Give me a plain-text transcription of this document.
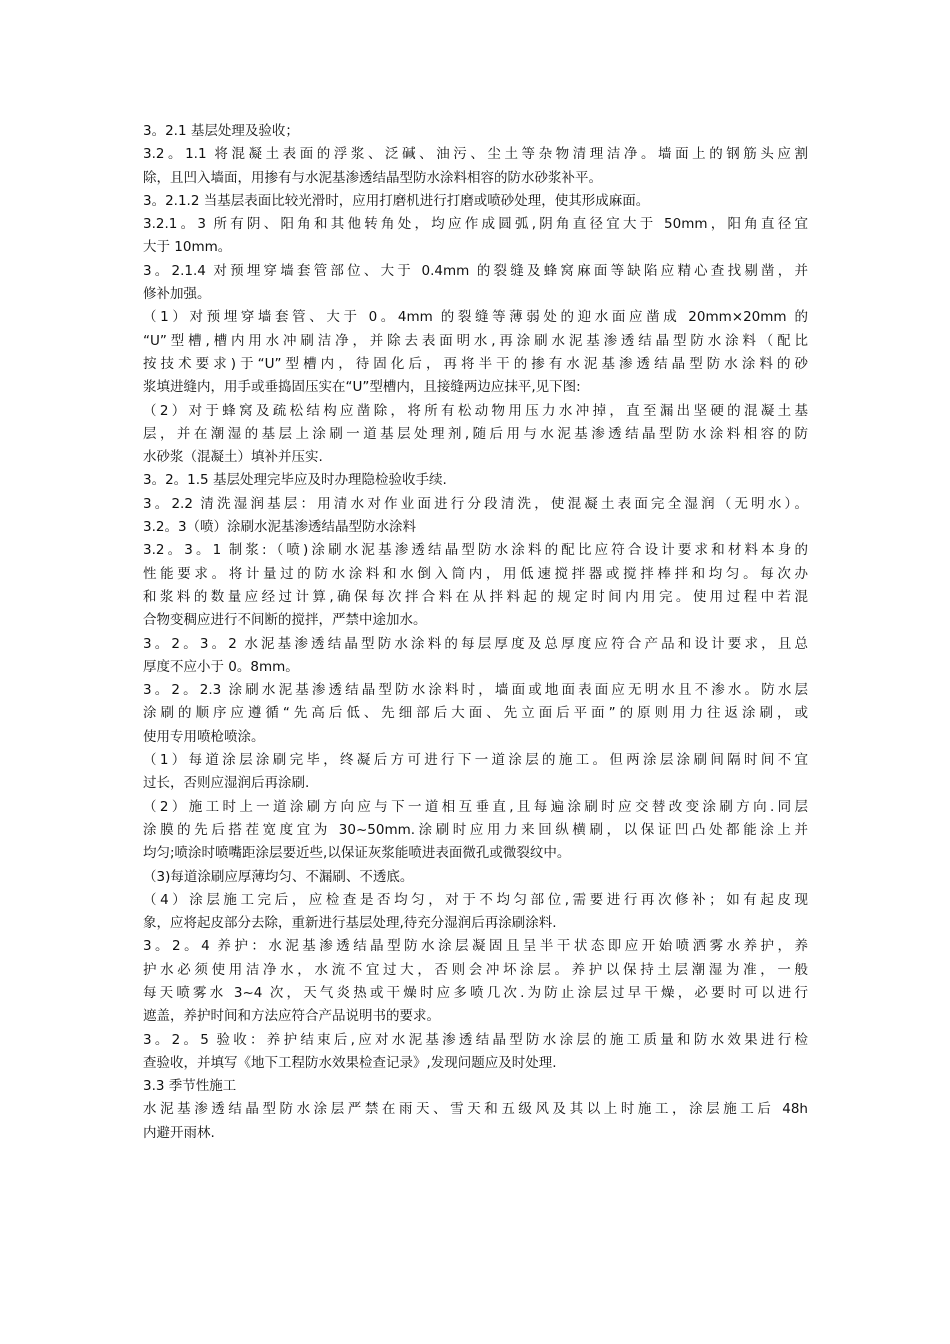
3。2.1 基层处理及验收；
3.2。1.1 将混凝土表面的浮浆、泛碱、油污、尘土等杂物清理洁净。墙面上的钢筋头应割
除，且凹入墙面，用掺有与水泥基渗透结晶型防水涂料相容的防水砂浆补平。
3。2.1.2 当基层表面比较光滑时，应用打磨机进行打磨或喷砂处理，使其形成麻面。
3.2.1。3 所有阴、阳角和其他转角处，均应作成圆弧,阴角直径宜大于 50mm，阳角直径宜
大于 10mm。
3。2.1.4 对预埋穿墙套管部位、大于 0.4mm 的裂缝及蜂窝麻面等缺陷应精心查找剔凿，并
修补加强。
（1）对预埋穿墙套管、大于 0。4mm 的裂缝等薄弱处的迎水面应凿成 20mm×20mm 的
“U”型槽,槽内用水冲刷洁净，并除去表面明水,再涂刷水泥基渗透结晶型防水涂料（配比
按技术要求)于“U”型槽内，待固化后，再将半干的掺有水泥基渗透结晶型防水涂料的砂
浆填进缝内，用手或垂捣固压实在“U”型槽内，且接缝两边应抹平,见下图:
（2）对于蜂窝及疏松结构应凿除，将所有松动物用压力水冲掉，直至漏出坚硬的混凝土基
层，并在潮湿的基层上涂刷一道基层处理剂,随后用与水泥基渗透结晶型防水涂料相容的防
水砂浆（混凝土）填补并压实.
3。2。1.5 基层处理完毕应及时办理隐检验收手续.
3。2.2 清洗湿润基层：用清水对作业面进行分段清洗，使混凝土表面完全湿润（无明水）。
3.2。3（喷）涂刷水泥基渗透结晶型防水涂料
3.2。3。1 制浆:（喷)涂刷水泥基渗透结晶型防水涂料的配比应符合设计要求和材料本身的
性能要求。将计量过的防水涂料和水倒入筒内，用低速搅拌器或搅拌棒拌和均匀。每次办
和浆料的数量应经过计算,确保每次拌合料在从拌料起的规定时间内用完。使用过程中若混
合物变稠应进行不间断的搅拌，严禁中途加水。
3。2。3。2 水泥基渗透结晶型防水涂料的每层厚度及总厚度应符合产品和设计要求，且总
厚度不应小于 0。8mm。
3。2。2.3 涂刷水泥基渗透结晶型防水涂料时，墙面或地面表面应无明水且不渗水。防水层
涂刷的顺序应遵循“先高后低、先细部后大面、先立面后平面”的原则用力往返涂刷，或
使用专用喷枪喷涂。
（1）每道涂层涂刷完毕，终凝后方可进行下一道涂层的施工。但两涂层涂刷间隔时间不宜
过长，否则应湿润后再涂刷.
（2）施工时上一道涂刷方向应与下一道相互垂直,且每遍涂刷时应交替改变涂刷方向.同层
涂膜的先后搭茬宽度宜为 30~50mm.涂刷时应用力来回纵横刷，以保证凹凸处都能涂上并
均匀;喷涂时喷嘴距涂层要近些,以保证灰浆能喷进表面微孔或微裂纹中。
（3)每道涂刷应厚薄均匀、不漏刷、不透底。
（4）涂层施工完后，应检查是否均匀，对于不均匀部位,需要进行再次修补；如有起皮现
象，应将起皮部分去除，重新进行基层处理,待充分湿润后再涂刷涂料.
3。2。4 养护：水泥基渗透结晶型防水涂层凝固且呈半干状态即应开始喷洒雾水养护，养
护水必须使用洁净水，水流不宜过大，否则会冲坏涂层。养护以保持土层潮湿为准，一般
每天喷雾水 3~4 次，天气炎热或干燥时应多喷几次.为防止涂层过早干燥，必要时可以进行
遮盖，养护时间和方法应符合产品说明书的要求。
3。2。5 验收：养护结束后,应对水泥基渗透结晶型防水涂层的施工质量和防水效果进行检
查验收，并填写《地下工程防水效果检查记录》,发现问题应及时处理.
3.3 季节性施工
水泥基渗透结晶型防水涂层严禁在雨天、雪天和五级风及其以上时施工，涂层施工后 48h
内避开雨林.
